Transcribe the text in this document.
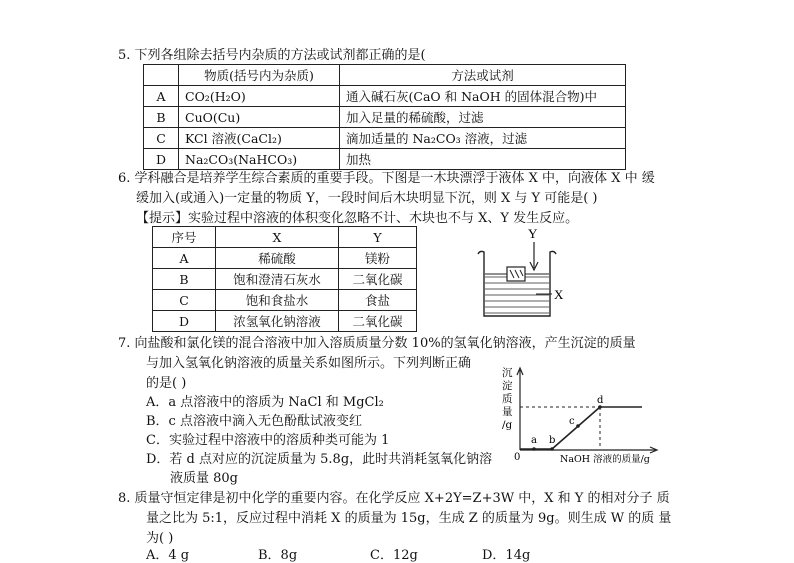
5. 下列各组除去括号内杂质的方法或试剂都正确的是(
	物质(括号内为杂质)	方法或试剂
A	CO₂(H₂O)	通入碱石灰(CaO 和 NaOH 的固体混合物)中
B	CuO(Cu)	加入足量的稀硫酸，过滤
C	KCl 溶液(CaCl₂)	滴加适量的 Na₂CO₃ 溶液，过滤
D	Na₂CO₃(NaHCO₃)	加热
6. 学科融合是培养学生综合素质的重要手段。下图是一木块漂浮于液体 X 中，向液体 X 中 缓
缓加入(或通入)一定量的物质 Y，一段时间后木块明显下沉，则 X 与 Y 可能是( )
【提示】实验过程中溶液的体积变化忽略不计、木块也不与 X、Y 发生反应。
序号	X	Y
A	稀硫酸	镁粉
B	饱和澄清石灰水	二氧化碳
C	饱和食盐水	食盐
D	浓氢氧化钠溶液	二氧化碳
Y
X
7. 向盐酸和氯化镁的混合溶液中加入溶质质量分数 10%的氢氧化钠溶液，产生沉淀的质量
与加入氢氧化钠溶液的质量关系如图所示。下列判断正确
的是( )
A．a 点溶液中的溶质为 NaCl 和 MgCl₂
B．c 点溶液中滴入无色酚酞试液变红
C．实验过程中溶液中的溶质种类可能为 1
D．若 d 点对应的沉淀质量为 5.8g，此时共消耗氢氧化钠溶
液质量 80g
沉 淀 质 量 /g
0
a b
c
d
NaOH 溶液的质量/g
8. 质量守恒定律是初中化学的重要内容。在化学反应 X+2Y=Z+3W 中，X 和 Y 的相对分子 质
量之比为 5:1，反应过程中消耗 X 的质量为 15g，生成 Z 的质量为 9g。则生成 W 的质 量
为( )
A．4 g	B．8g	C．12g	D．14g
